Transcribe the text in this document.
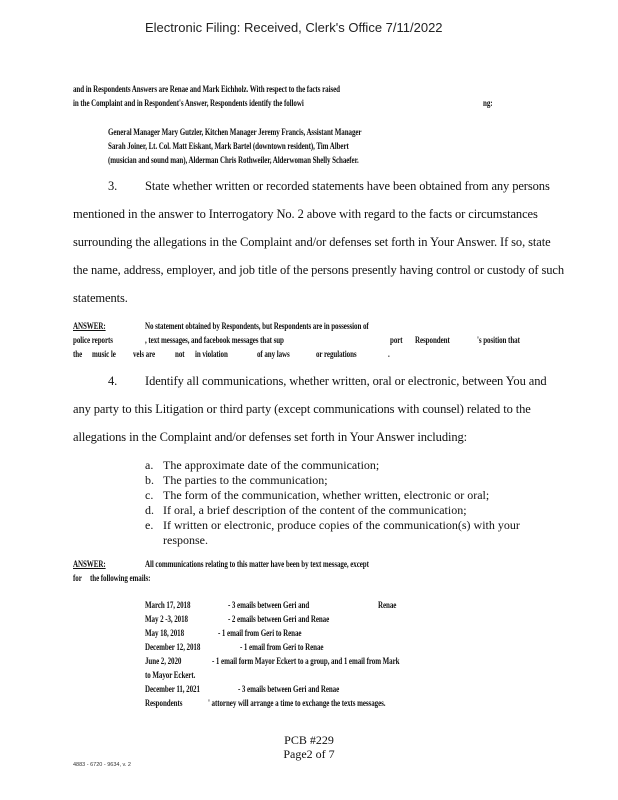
Electronic Filing: Received, Clerk's Office 7/11/2022
and in Respondents Answers are Renae and Mark Eichholz. With respect to the facts raised
in the Complaint and in Respondent's Answer, Respondents identify the followi	ng:
General Manager Mary Gutzler, Kitchen Manager Jeremy Francis, Assistant Manager
Sarah Joiner, Lt. Col. Matt Eiskant, Mark Bartel (downtown resident), Tim Albert
(musician and sound man), Alderman Chris Rothweiler, Alderwoman Shelly Schaefer.
3. State whether written or recorded statements have been obtained from any persons
mentioned in the answer to Interrogatory No. 2 above with regard to the facts or circumstances
surrounding the allegations in the Complaint and/or defenses set forth in Your Answer. If so, state
the name, address, employer, and job title of the persons presently having control or custody of such
statements.
ANSWER:	No statement obtained by Respondents, but Respondents are in possession of
police reports	, text messages, and facebook messages that sup	port Respondent	's position that
the music le vels are not in violation	of any laws	or regulations	.
4. Identify all communications, whether written, oral or electronic, between You and
any party to this Litigation or third party (except communications with counsel) related to the
allegations in the Complaint and/or defenses set forth in Your Answer including:
a. The approximate date of the communication;
b. The parties to the communication;
c. The form of the communication, whether written, electronic or oral;
d. If oral, a brief description of the content of the communication;
e. If written or electronic, produce copies of the communication(s) with your
response.
ANSWER:	All communications relating to this matter have been by text message, except
for the following emails:
March 17, 2018	- 3 emails between Geri and	Renae
May 2 -3, 2018	- 2 emails between Geri and Renae
May 18, 2018	- 1 email from Geri to Renae
December 12, 2018	- 1 email from Geri to Renae
June 2, 2020	- 1 email form Mayor Eckert to a group, and 1 email from Mark
to Mayor Eckert.
December 11, 2021	- 3 emails between Geri and Renae
Respondents	' attorney will arrange a time to exchange the texts messages.
PCB #229
Page2 of 7
4883 - 6720 - 9634, v. 2
